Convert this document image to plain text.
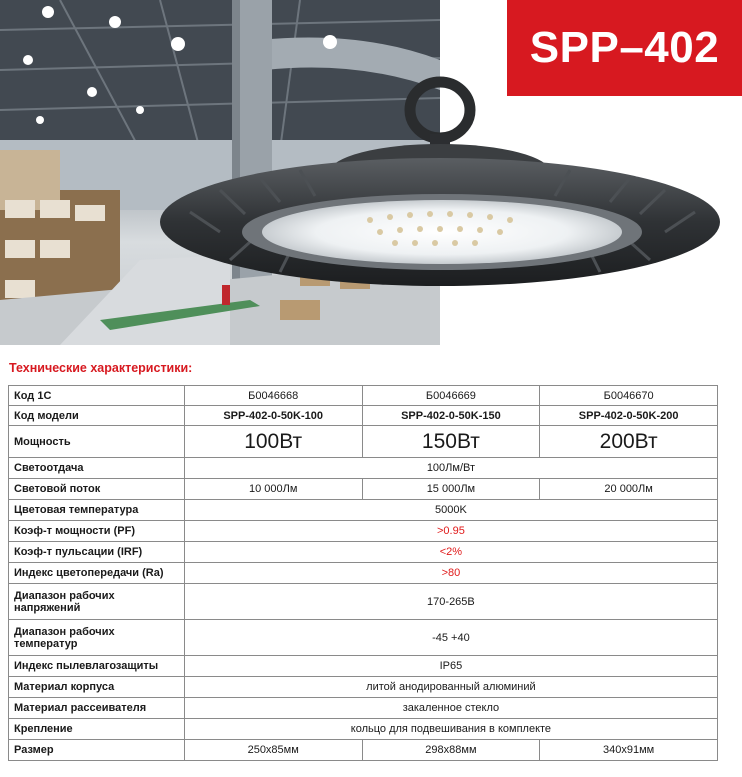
SPP–402
Технические характеристики:
Код 1С	Б0046668	Б0046669	Б0046670
Код модели	SPP-402-0-50K-100	SPP-402-0-50K-150	SPP-402-0-50K-200
Мощность	100Вт	150Вт	200Вт
Светоотдача	100Лм/Вт		
Световой поток	10 000Лм	15 000Лм	20 000Лм
Цветовая температура	5000K		
Коэф-т мощности (PF)	>0.95		
Коэф-т пульсации (IRF)	<2%		
Индекс цветопередачи (Ra)	>80		
Диапазон рабочих напряжений	170-265В		
Диапазон рабочих температур	-45 +40		
Индекс пылевлагозащиты	IP65		
Материал корпуса	литой анодированный алюминий		
Материал рассеивателя	закаленное стекло		
Крепление	кольцо для подвешивания в комплекте		
Размер	250х85мм	298х88мм	340х91мм
